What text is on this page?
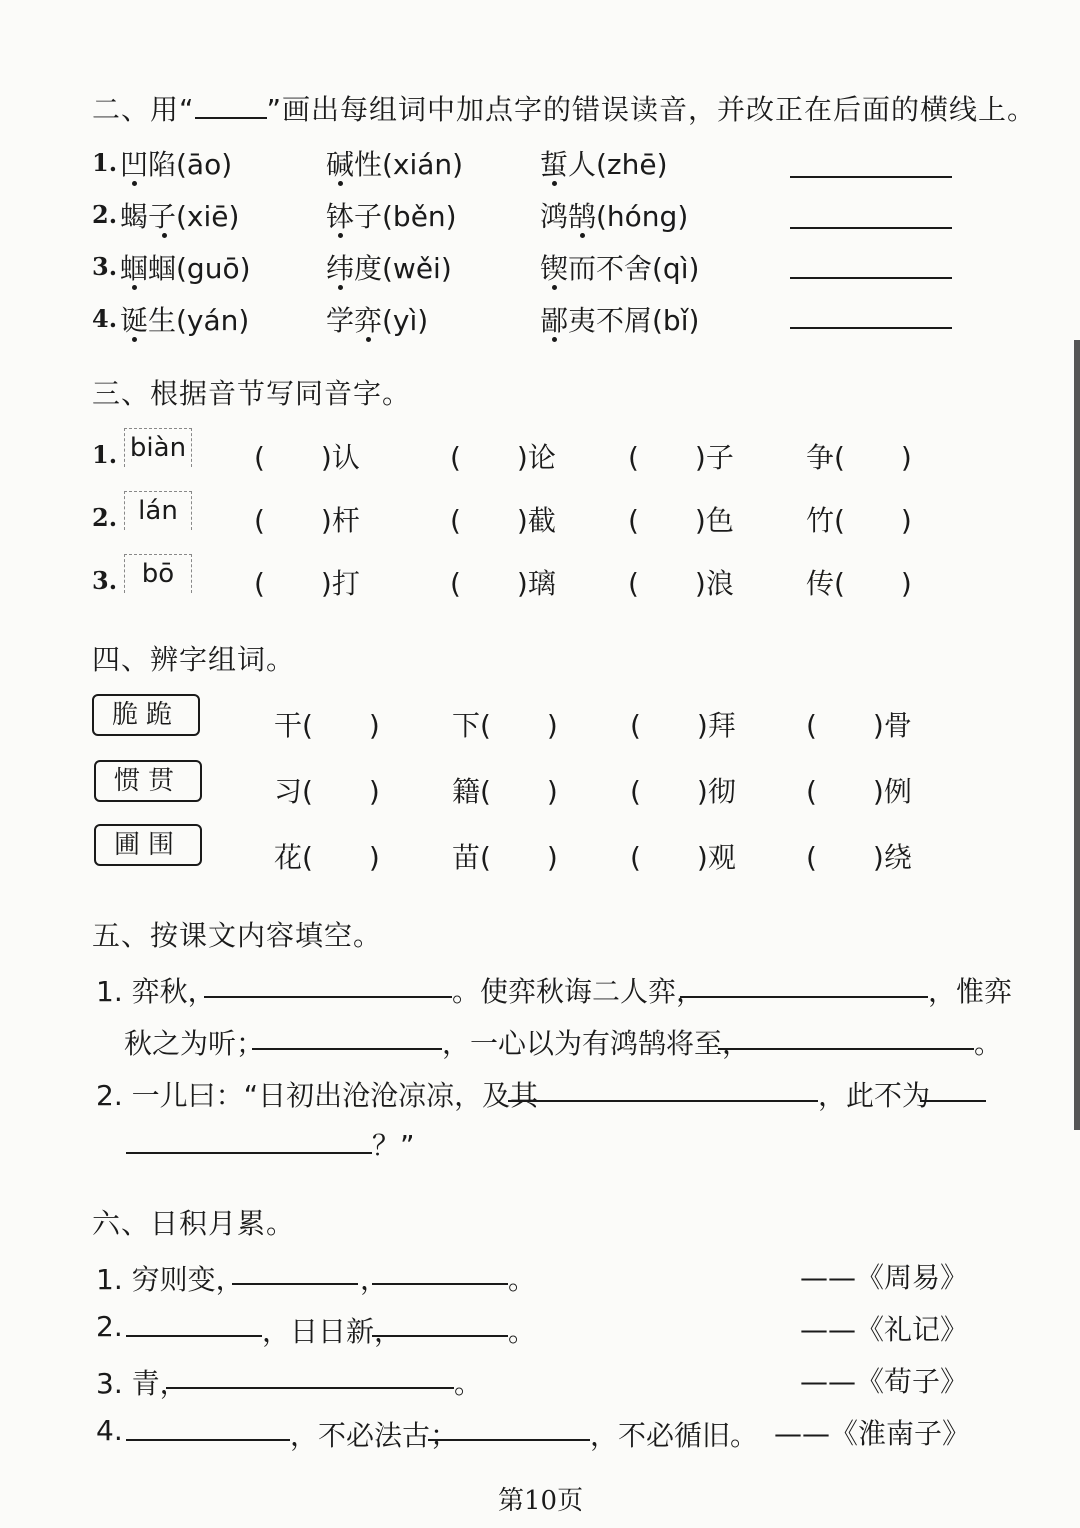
二、用“	”画出每组词中加点字的错误读音，并改正在后面的横线上。
1. 凹陷(āo)	碱性(xián)	蜇人(zhē)
2. 蝎子(xiē)	钵子(běn)	鸿鹄(hóng)
3. 蝈蝈(guō)	纬度(wěi)	锲而不舍(qì)
4. 诞生(yán)	学弈(yì)	鄙夷不屑(bǐ)
三、根据音节写同音字。
1. biàn (　　)认	(　　)论	(　　)子	争(　　)
2. lán	(　　)杆	(　　)截	(　　)色	竹(　　)
3. bō	(　　)打	(　　)璃	(　　)浪	传(　　)
四、辨字组词。
脆跪	干(　　)	下(　　)	(　　)拜	(　　)骨
惯贯	习(　　)	籍(　　)	(　　)彻	(　　)例
圃围	花(　　)	苗(　　)	(　　)观	(　　)绕
五、按课文内容填空。
1. 弈秋，	。使弈秋诲二人弈，	，惟弈
秋之为听；	，一心以为有鸿鹄将至，	。
2. 一儿曰：“日初出沧沧凉凉，及其	，此不为
？”
六、日积月累。
1. 穷则变，	，	。	——《周易》
2.	，日日新，	。	——《礼记》
3. 青，	。	——《荀子》
4.	，不必法古；	，不必循旧。 ——《淮南子》
第10页
